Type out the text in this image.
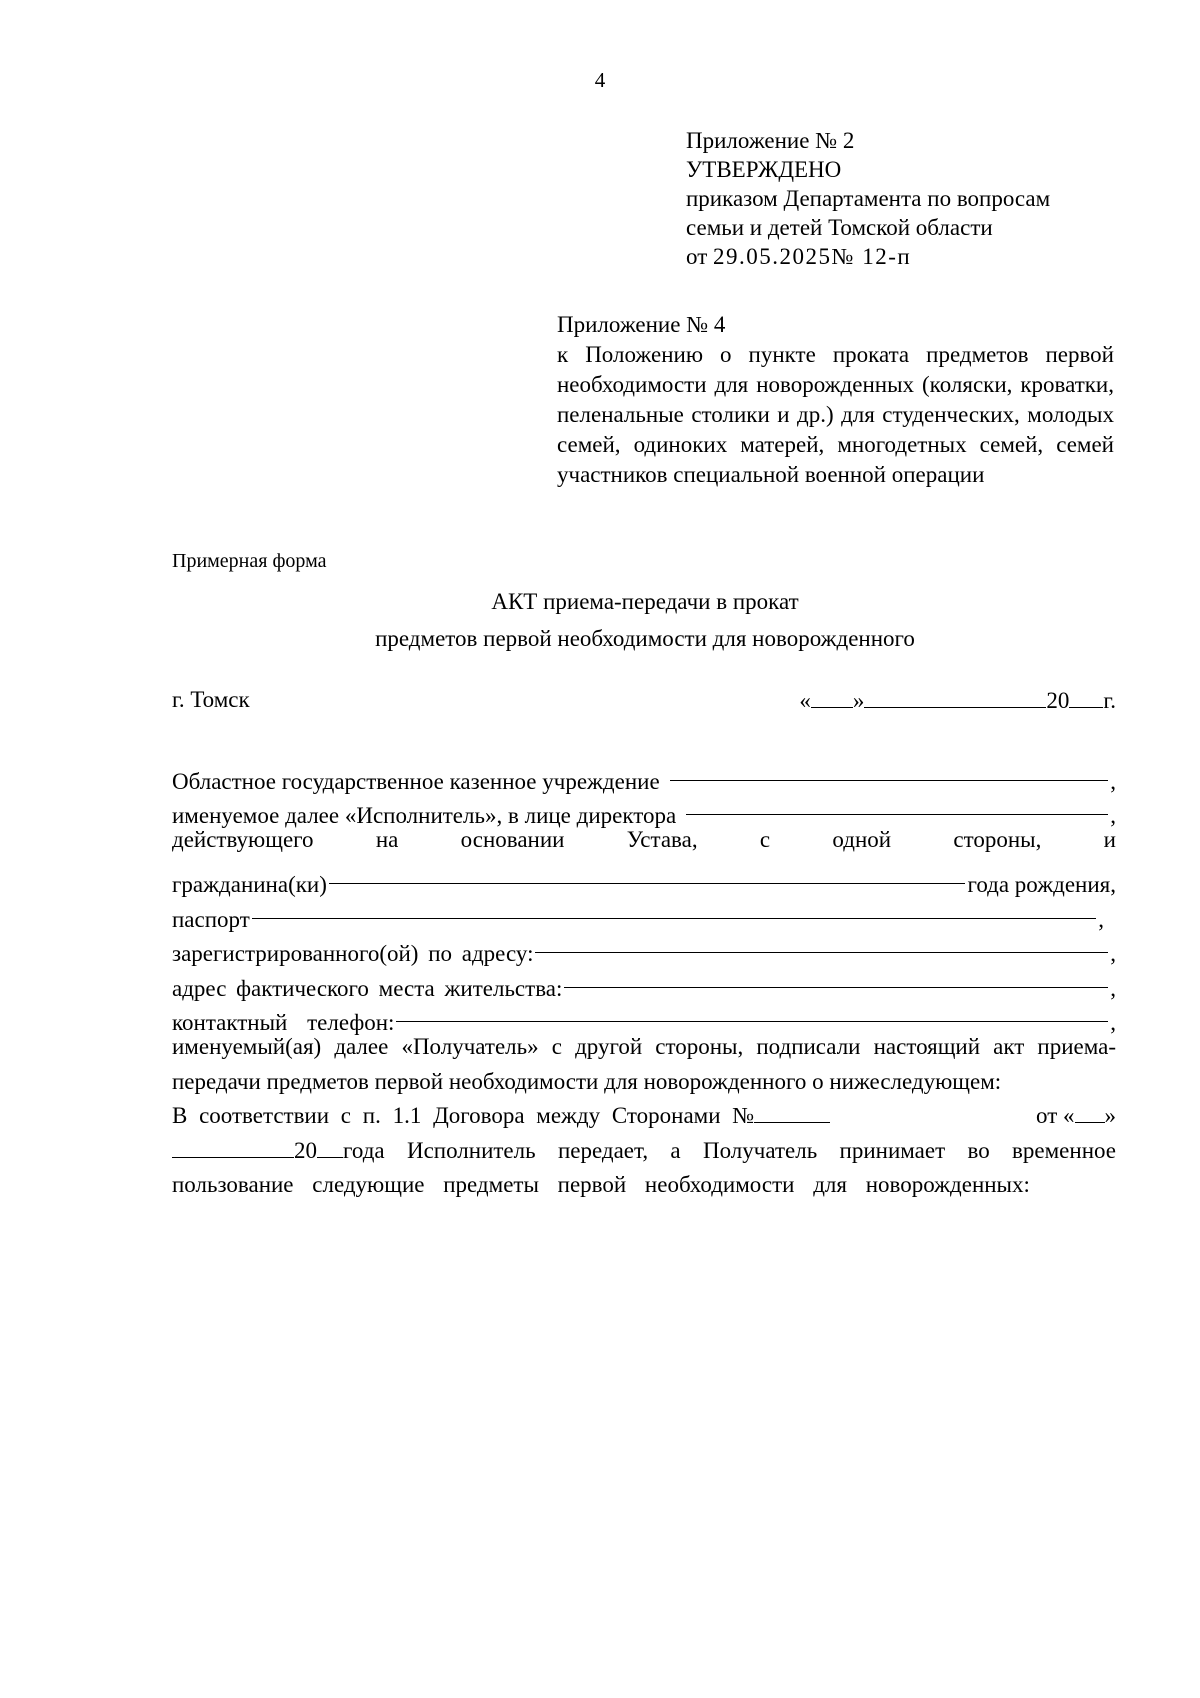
4
Приложение № 2
УТВЕРЖДЕНО
приказом Департамента по вопросам
семьи и детей Томской области
от 29.05.2025№ 12-п
Приложение № 4
к Положению о пункте проката предметов первой необходимости для новорожденных (коляски, кроватки, пеленальные столики и др.) для студенческих, молодых семей, одиноких матерей, многодетных семей, семей участников специальной военной операции
Примерная форма
АКТ приема-передачи в прокат
предметов первой необходимости для новорожденного
г. Томск	« »	20 г.
Областное государственное казенное учреждение	,
именуемое далее «Исполнитель», в лице директора	,
действующего на основании Устава, с одной стороны, и
гражданина(ки)	года рождения,
паспорт	,
зарегистрированного(ой) по адресу:	,
адрес фактического места жительства:	,
контактный телефон:	,
именуемый(ая) далее «Получатель» с другой стороны, подписали настоящий акт приема-передачи предметов первой необходимости для новорожденного о нижеследующем:
В соответствии с п. 1.1 Договора между Сторонами №	от « »
20 года Исполнитель передает, а Получатель принимает во временное пользование следующие предметы первой необходимости для новорожденных:
